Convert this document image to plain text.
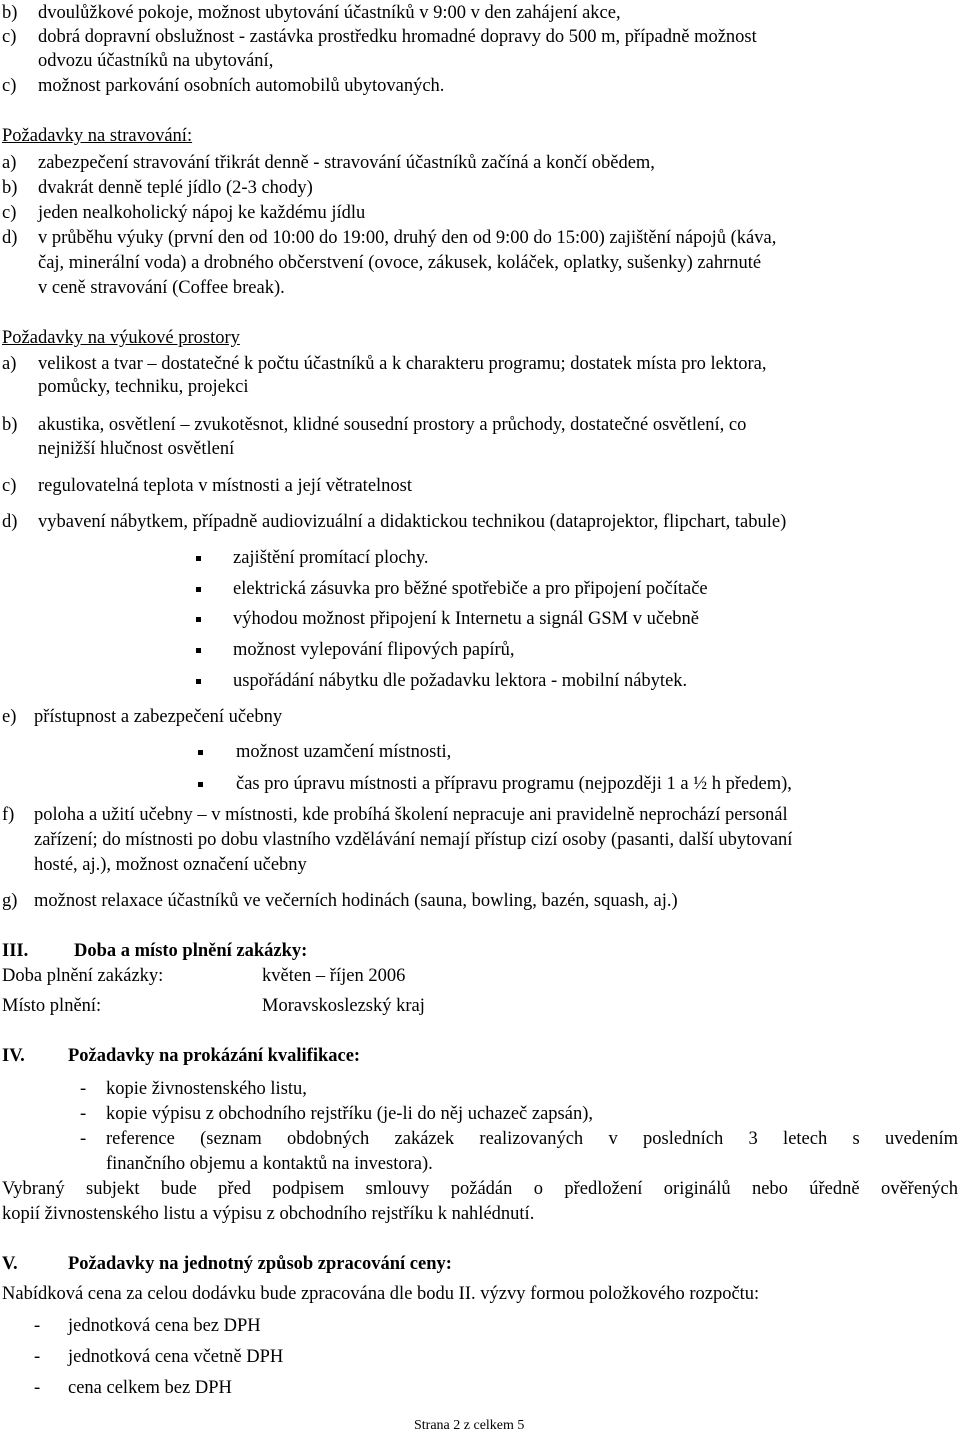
b) dvoulůžkové pokoje, možnost ubytování účastníků v 9:00 v den zahájení akce,
c) dobrá dopravní obslužnost - zastávka prostředku hromadné dopravy do 500 m, případně možnost
odvozu účastníků na ubytování,
c) možnost parkování osobních automobilů ubytovaných.
Požadavky na stravování:
a) zabezpečení stravování třikrát denně - stravování účastníků začíná a končí obědem,
b) dvakrát denně teplé jídlo (2-3 chody)
c) jeden nealkoholický nápoj ke každému jídlu
d) v průběhu výuky (první den od 10:00 do 19:00, druhý den od 9:00 do 15:00) zajištění nápojů (káva,
čaj, minerální voda) a drobného občerstvení (ovoce, zákusek, koláček, oplatky, sušenky) zahrnuté
v ceně stravování (Coffee break).
Požadavky na výukové prostory
a) velikost a tvar – dostatečné k počtu účastníků a k charakteru programu; dostatek místa pro lektora,
pomůcky, techniku, projekci
b) akustika, osvětlení – zvukotěsnot, klidné sousední prostory a průchody, dostatečné osvětlení, co
nejnižší hlučnost osvětlení
c) regulovatelná teplota v místnosti a její větratelnost
d) vybavení nábytkem, případně audiovizuální a didaktickou technikou (dataprojektor, flipchart, tabule)
zajištění promítací plochy.
elektrická zásuvka pro běžné spotřebiče a pro připojení počítače
výhodou možnost připojení k Internetu a signál GSM v učebně
možnost vylepování flipových papírů,
uspořádání nábytku dle požadavku lektora - mobilní nábytek.
e) přístupnost a zabezpečení učebny
možnost uzamčení místnosti,
čas pro úpravu místnosti a přípravu programu (nejpozději 1 a ½ h předem),
f) poloha a užití učebny – v místnosti, kde probíhá školení nepracuje ani pravidelně neprochází personál
zařízení; do místnosti po dobu vlastního vzdělávání nemají přístup cizí osoby (pasanti, další ubytovaní
hosté, aj.), možnost označení učebny
g) možnost relaxace účastníků ve večerních hodinách (sauna, bowling, bazén, squash, aj.)
III. Doba a místo plnění zakázky:
Doba plnění zakázky:	květen – říjen 2006
Místo plnění:	Moravskoslezský kraj
IV. Požadavky na prokázání kvalifikace:
- kopie živnostenského listu,
- kopie výpisu z obchodního rejstříku (je-li do něj uchazeč zapsán),
- reference (seznam obdobných zakázek realizovaných v posledních 3 letech s uvedením
finančního objemu a kontaktů na investora).
Vybraný subjekt bude před podpisem smlouvy požádán o předložení originálů nebo úředně ověřených
kopií živnostenského listu a výpisu z obchodního rejstříku k nahlédnutí.
V.	Požadavky na jednotný způsob zpracování ceny:
Nabídková cena za celou dodávku bude zpracována dle bodu II. výzvy formou položkového rozpočtu:
- jednotková cena bez DPH
- jednotková cena včetně DPH
- cena celkem bez DPH
Strana 2 z celkem 5
